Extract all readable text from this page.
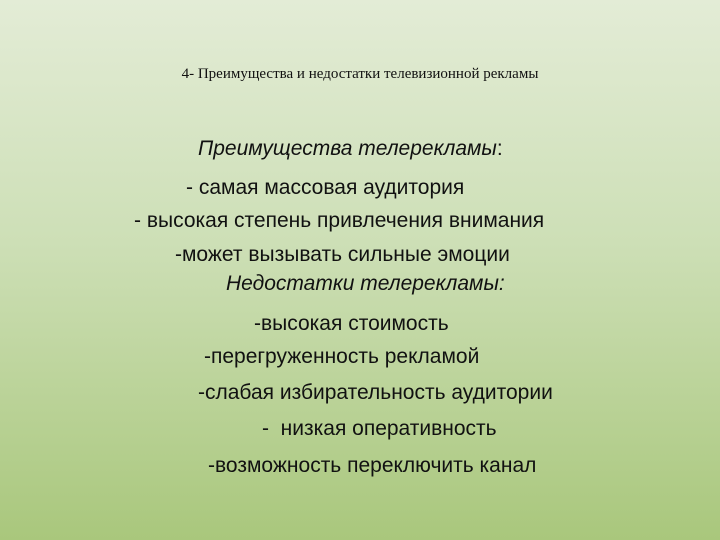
4- Преимущества и недостатки телевизионной рекламы
Преимущества телерекламы:
- самая массовая аудитория
- высокая степень привлечения внимания
-может вызывать сильные эмоции
Недостатки телерекламы:
-высокая стоимость
-перегруженность рекламой
-слабая избирательность аудитории
-  низкая оперативность
-возможность переключить канал
